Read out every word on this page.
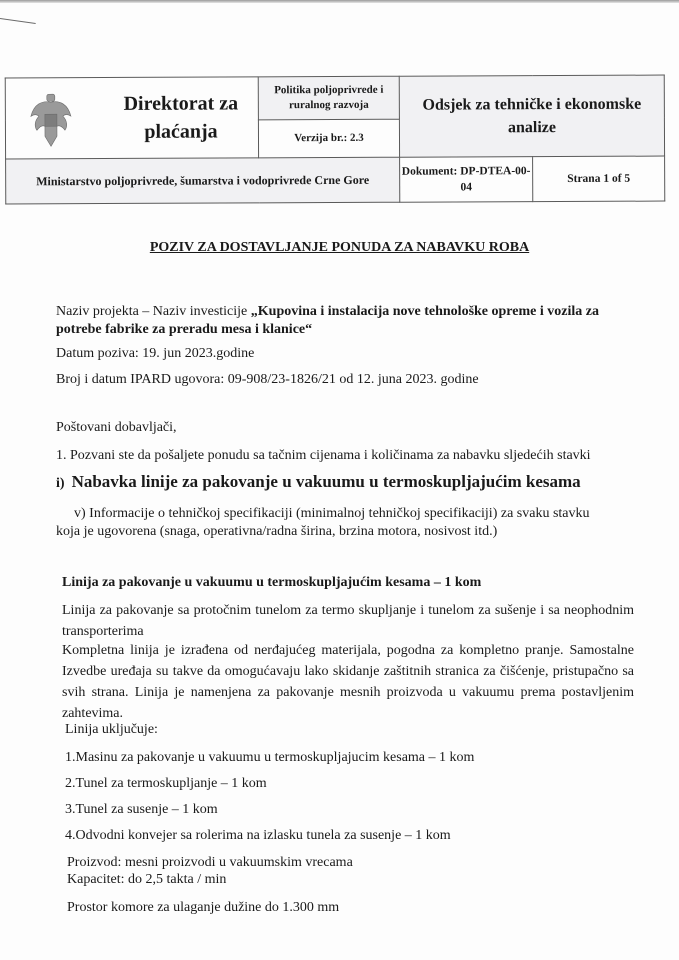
Direktorat za
plaćanja	Politika poljoprivrede i ruralnog razvoja	Odsjek za tehničke i ekonomske analize	
	Verzija br.: 2.3		
Ministarstvo poljoprivrede, šumarstva i vodoprivrede Crne Gore		Dokument: DP-DTEA-00-04	Strana 1 of 5
POZIV ZA DOSTAVLJANJE PONUDA ZA NABAVKU ROBA
Naziv projekta – Naziv investicije „Kupovina i instalacija nove tehnološke opreme i vozila za
potrebe fabrike za preradu mesa i klanice“
Datum poziva: 19. jun 2023.godine
Broj i datum IPARD ugovora: 09-908/23-1826/21 od 12. juna 2023. godine
Poštovani dobavljači,
1. Pozvani ste da pošaljete ponudu sa tačnim cijenama i količinama za nabavku sljedećih stavki
i) Nabavka linije za pakovanje u vakuumu u termoskupljajućim kesama
v) Informacije o tehničkoj specifikaciji (minimalnoj tehničkoj specifikaciji) za svaku stavku
koja je ugovorena (snaga, operativna/radna širina, brzina motora, nosivost itd.)
Linija za pakovanje u vakuumu u termoskupljajućim kesama – 1 kom
Linija za pakovanje sa protočnim tunelom za termo skupljanje i tunelom za sušenje i sa neophodnim transporterima
Kompletna linija je izrađena od nerđajućeg materijala, pogodna za kompletno pranje. Samostalne Izvedbe uređaja su takve da omogućavaju lako skidanje zaštitnih stranica za čišćenje, pristupačno sa svih strana. Linija je namenjena za pakovanje mesnih proizvoda u vakuumu prema postavljenim zahtevima.
Linija uključuje:
1.Masinu za pakovanje u vakuumu u termoskupljajucim kesama – 1 kom
2.Tunel za termoskupljanje – 1 kom
3.Tunel za susenje – 1 kom
4.Odvodni konvejer sa rolerima na izlasku tunela za susenje – 1 kom
Proizvod: mesni proizvodi u vakuumskim vrecama
Kapacitet: do 2,5 takta / min
Prostor komore za ulaganje dužine do 1.300 mm
